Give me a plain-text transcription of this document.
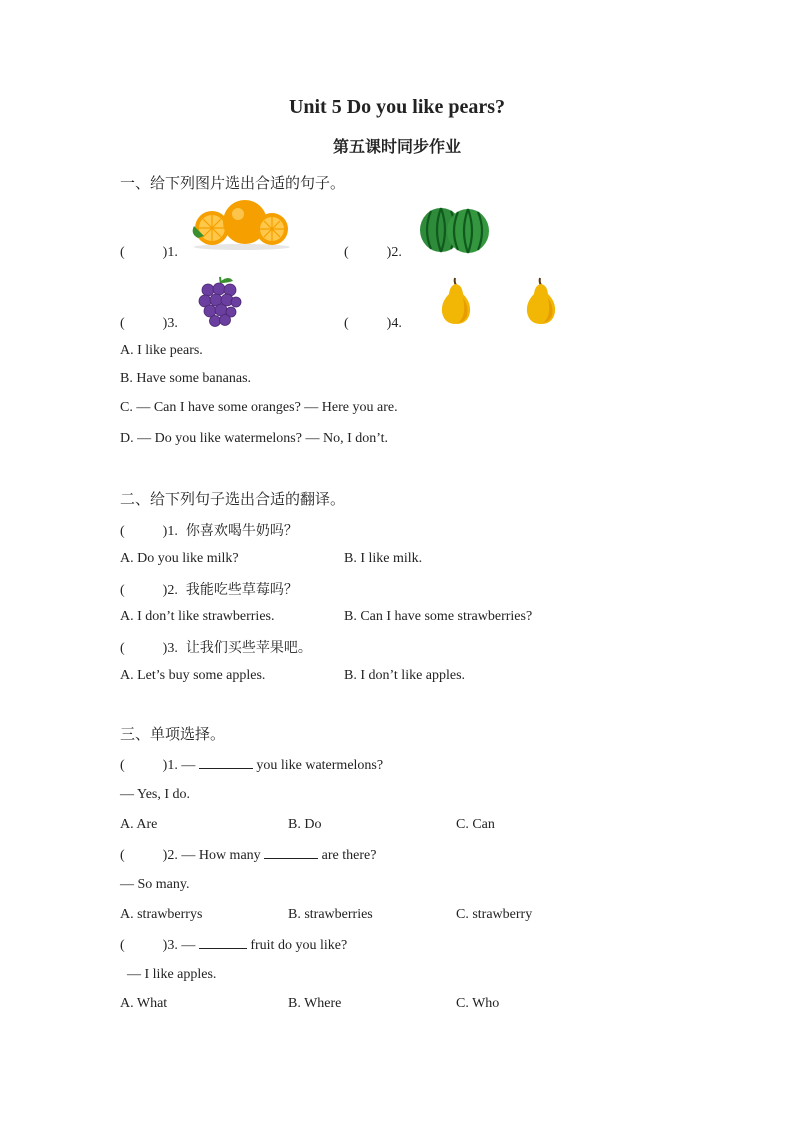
Unit 5 Do you like pears?
第五课时同步作业
一、给下列图片选出合适的句子。
(	)1.	(	)2.
(	)3.	(	)4.
A. I like pears.
B. Have some bananas.
C. — Can I have some oranges? — Here you are.
D. — Do you like watermelons? — No, I don’t.
二、给下列句子选出合适的翻译。
(	)1. 你喜欢喝牛奶吗？
A. Do you like milk?	B. I like milk.
(	)2. 我能吃些草莓吗？
A. I don’t like strawberries.	B. Can I have some strawberries?
(	)3. 让我们买些苹果吧。
A. Let’s buy some apples.	B. I don’t like apples.
三、单项选择。
(	)1. —	you like watermelons?
— Yes, I do.
A. Are	B. Do	C. Can
(	)2. — How many	are there?
— So many.
A. strawberrys	B. strawberries	C. strawberry
(	)3. —	fruit do you like?
— I like apples.
A. What	B. Where	C. Who
